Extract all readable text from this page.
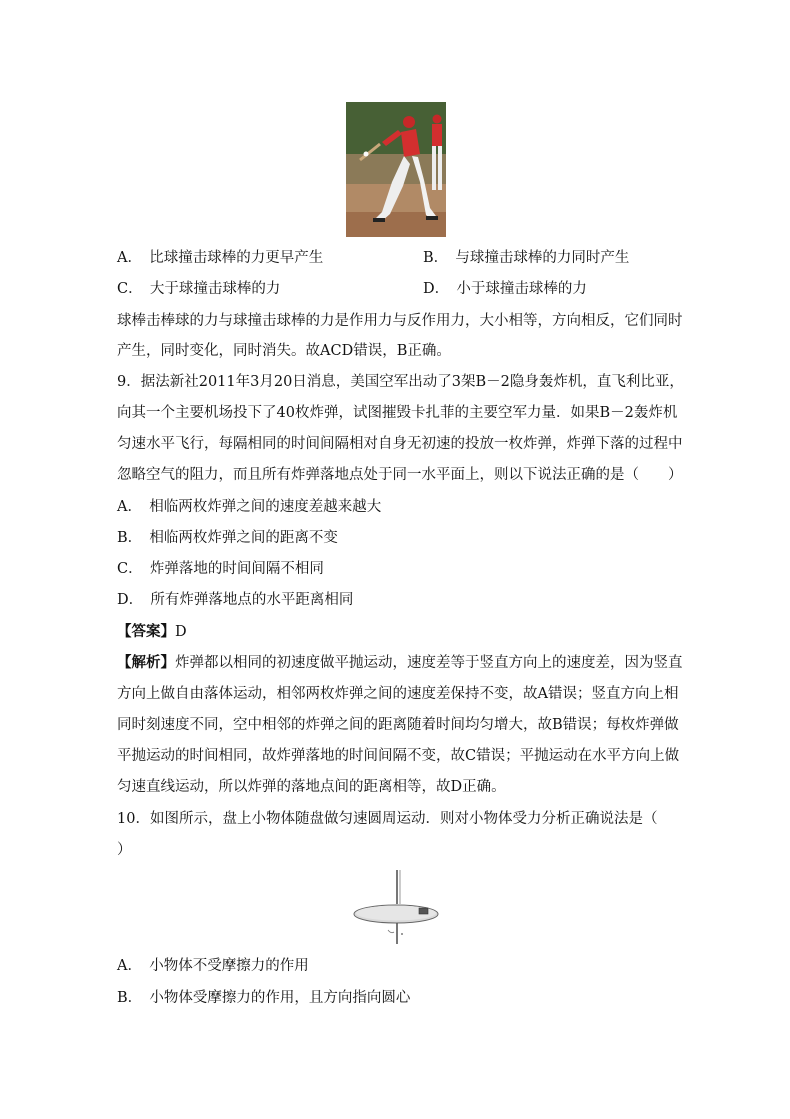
A．　比球撞击球棒的力更早产生	B．　与球撞击球棒的力同时产生
C．　大于球撞击球棒的力	D．　小于球撞击球棒的力
球棒击棒球的力与球撞击球棒的力是作用力与反作用力，大小相等，方向相反，它们同时
产生，同时变化，同时消失。故ACD错误，B正确。
9．据法新社2011年3月20日消息，美国空军出动了3架B－2隐身轰炸机，直飞利比亚，
向其一个主要机场投下了40枚炸弹，试图摧毁卡扎菲的主要空军力量．如果B－2轰炸机
匀速水平飞行，每隔相同的时间间隔相对自身无初速的投放一枚炸弹，炸弹下落的过程中
忽略空气的阻力，而且所有炸弹落地点处于同一水平面上，则以下说法正确的是（　　）
A．　相临两枚炸弹之间的速度差越来越大
B．　相临两枚炸弹之间的距离不变
C．　炸弹落地的时间间隔不相同
D．　所有炸弹落地点的水平距离相同
【答案】D
【解析】炸弹都以相同的初速度做平抛运动，速度差等于竖直方向上的速度差，因为竖直
方向上做自由落体运动，相邻两枚炸弹之间的速度差保持不变，故A错误；竖直方向上相
同时刻速度不同，空中相邻的炸弹之间的距离随着时间均匀增大，故B错误；每枚炸弹做
平抛运动的时间相同，故炸弹落地的时间间隔不变，故C错误；平抛运动在水平方向上做
匀速直线运动，所以炸弹的落地点间的距离相等，故D正确。
10．如图所示，盘上小物体随盘做匀速圆周运动．则对小物体受力分析正确说法是（
）
A．　小物体不受摩擦力的作用
B．　小物体受摩擦力的作用，且方向指向圆心
